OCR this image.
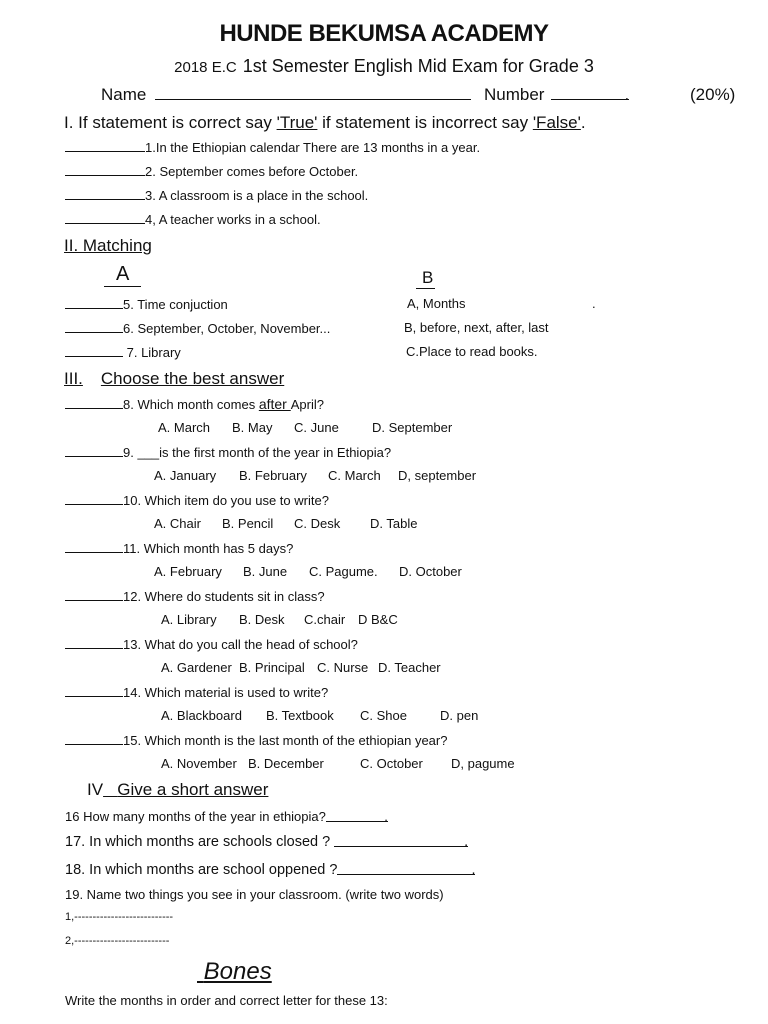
HUNDE BEKUMSA ACADEMY
2018 E.C 1st Semester English Mid Exam for Grade 3
Name	Number	.	(20%)
I. If statement is correct say 'True' if statement is incorrect say 'False'.
1.In the Ethiopian calendar There are 13 months in a year.
2. September comes before October.
3. A classroom is a place in the school.
4, A teacher works in a school.
II. Matching
A	B
5. Time conjuction	A, Months	.
6. September, October, November...	B, before, next, after, last
7. Library	C.Place to read books.
III. Choose the best answer
8. Which month comes after April?
A. March B. May C. June	D. September
9. ___is the first month of the year in Ethiopia?
A. January B. February C. March D, september
10. Which item do you use to write?
A. Chair B. Pencil C. Desk D. Table
11. Which month has 5 days?
A. February B. June C. Pagume. D. October
12. Where do students sit in class?
A. Library B. Desk C.chair D B&C
13. What do you call the head of school?
A. Gardener B. Principal C. Nurse D. Teacher
14. Which material is used to write?
A. Blackboard B. Textbook C. Shoe	D. pen
15. Which month is the last month of the ethiopian year?
A. November B. December	C. October D, pagume
IV Give a short answer
16 How many months of the year in ethiopia?	.
17. In which months are schools closed ?	.
18. In which months are school oppened ?	.
19. Name two things you see in your classroom. (write two words)
1,---------------------------
2,--------------------------
Bones
Write the months in order and correct letter for these 13:
